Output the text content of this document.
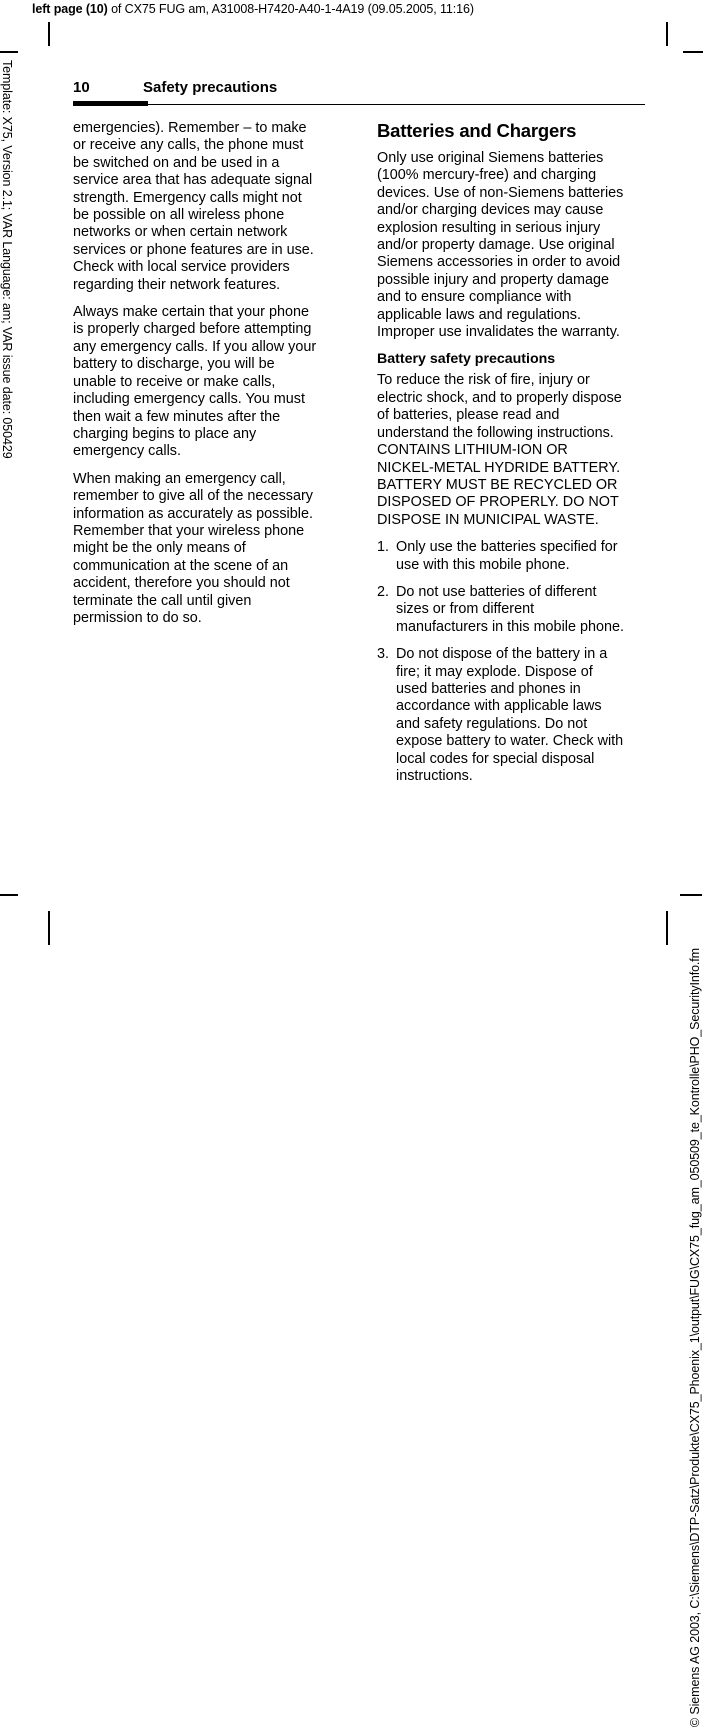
left page (10) of CX75 FUG am, A31008-H7420-A40-1-4A19 (09.05.2005, 11:16)
Template: X75, Version 2.1; VAR Language: am; VAR issue date: 050429
© Siemens AG 2003, C:\Siemens\DTP-Satz\Produkte\CX75_Phoenix_1\output\FUG\CX75_fug_am_050509_te_Kontrolle\PHO_SecurityInfo.fm
10	Safety precautions

emergencies). Remember – to make or receive any calls, the phone must be switched on and be used in a service area that has adequate signal strength. Emergency calls might not be possible on all wireless phone networks or when certain network services or phone features are in use. Check with local service providers regarding their network features.

Always make certain that your phone is properly charged before attempting any emergency calls. If you allow your battery to discharge, you will be unable to receive or make calls, including emergency calls. You must then wait a few minutes after the charging begins to place any emergency calls.

When making an emergency call, remember to give all of the necessary information as accurately as possible. Remember that your wireless phone might be the only means of communication at the scene of an accident, therefore you should not terminate the call until given permission to do so.

Batteries and Chargers

Only use original Siemens batteries (100% mercury-free) and charging devices. Use of non-Siemens batteries and/or charging devices may cause explosion resulting in serious injury and/or property damage. Use original Siemens accessories in order to avoid possible injury and property damage and to ensure compliance with applicable laws and regulations. Improper use invalidates the warranty.

Battery safety precautions

To reduce the risk of fire, injury or electric shock, and to properly dispose of batteries, please read and understand the following instructions. CONTAINS LITHIUM-ION OR NICKEL-METAL HYDRIDE BATTERY. BATTERY MUST BE RECYCLED OR DISPOSED OF PROPERLY. DO NOT DISPOSE IN MUNICIPAL WASTE.

1. Only use the batteries specified for use with this mobile phone.
2. Do not use batteries of different sizes or from different manufacturers in this mobile phone.
3. Do not dispose of the battery in a fire; it may explode. Dispose of used batteries and phones in accordance with applicable laws and safety regulations. Do not expose battery to water. Check with local codes for special disposal instructions.
